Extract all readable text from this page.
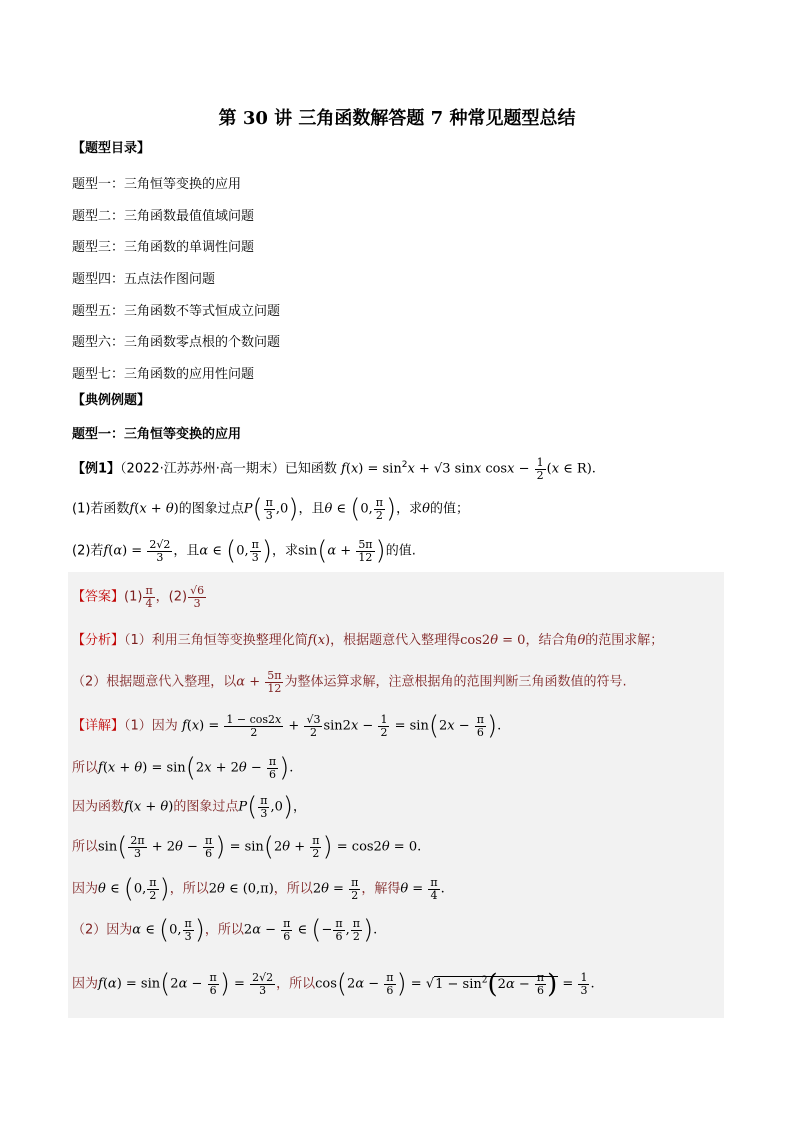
第 30 讲 三角函数解答题 7 种常见题型总结
【题型目录】
题型一：三角恒等变换的应用
题型二：三角函数最值值域问题
题型三：三角函数的单调性问题
题型四：五点法作图问题
题型五：三角函数不等式恒成立问题
题型六：三角函数零点根的个数问题
题型七：三角函数的应用性问题
【典例例题】
题型一：三角恒等变换的应用
【例1】（2022·江苏苏州·高一期末）已知函数 $f(x) = \sin^2x + √3$ sinx $\cos x - \frac{1}{2} (x$ ∈ R).
(1)若函数f(x + θ)的图象过点$P( \frac{\pi}{3} ,0)$，且θ ∈ (0, $\frac{\pi}{2}$ )，求θ的值；
(2)若$f(\alpha) = \frac{2√2}{3}$ ，且α ∈ (0, $\frac{\pi}{3}$ )，求$\sin(\alpha + \frac{5\pi}{12}$ )的值.
【答案】$(1) \frac{\pi}{4}$ ，$(2) \frac{√6}{3}$
【分析】（1）利用三角恒等变换整理化简f(x)，根据题意代入整理得cos2θ = 0，结合角θ的范围求解；
（2）根据题意代入整理，以$\alpha + \frac{5\pi}{12}$ 为整体运算求解，注意根据角的范围判断三角函数值的符号.
【详解】（1）因为 $f(x) = \frac{1 - \cos 2x}{2} + \frac{√3}{2} \sin 2x - \frac{1}{2} = \sin(2x - \frac{\pi}{6}$ ).
所以$f(x + \theta) = \sin(2x + 2\theta - \frac{\pi}{6}$ ).
因为函数f(x + θ)的图象过点$P( \frac{\pi}{3} ,0)$，
所以$\sin( \frac{2\pi}{3} + 2\theta - \frac{\pi}{6}$ ) = $\sin(2\theta + \frac{\pi}{2}$ ) = cos2θ = 0.
因为θ ∈ (0, $\frac{\pi}{2}$ )，所以2θ ∈ (0,π)，所以$2\theta = \frac{\pi}{2}$ ，解得$\theta = \frac{\pi}{4}$ .
（2）因为α ∈ (0, $\frac{\pi}{3}$ )，所以$2\alpha - \frac{\pi}{6}$ ∈ (− $\frac{\pi}{6}$ , $\frac{\pi}{2}$ ).
因为$f(\alpha) = \sin(2\alpha - \frac{\pi}{6}$ ) = $\frac{2√2}{3}$ ，所以$\cos(2\alpha - \frac{\pi}{6}$ ) = $√1 - \sin^2(2\alpha - \frac{\pi}{6}$ ) = $\frac{1}{3}$ .
